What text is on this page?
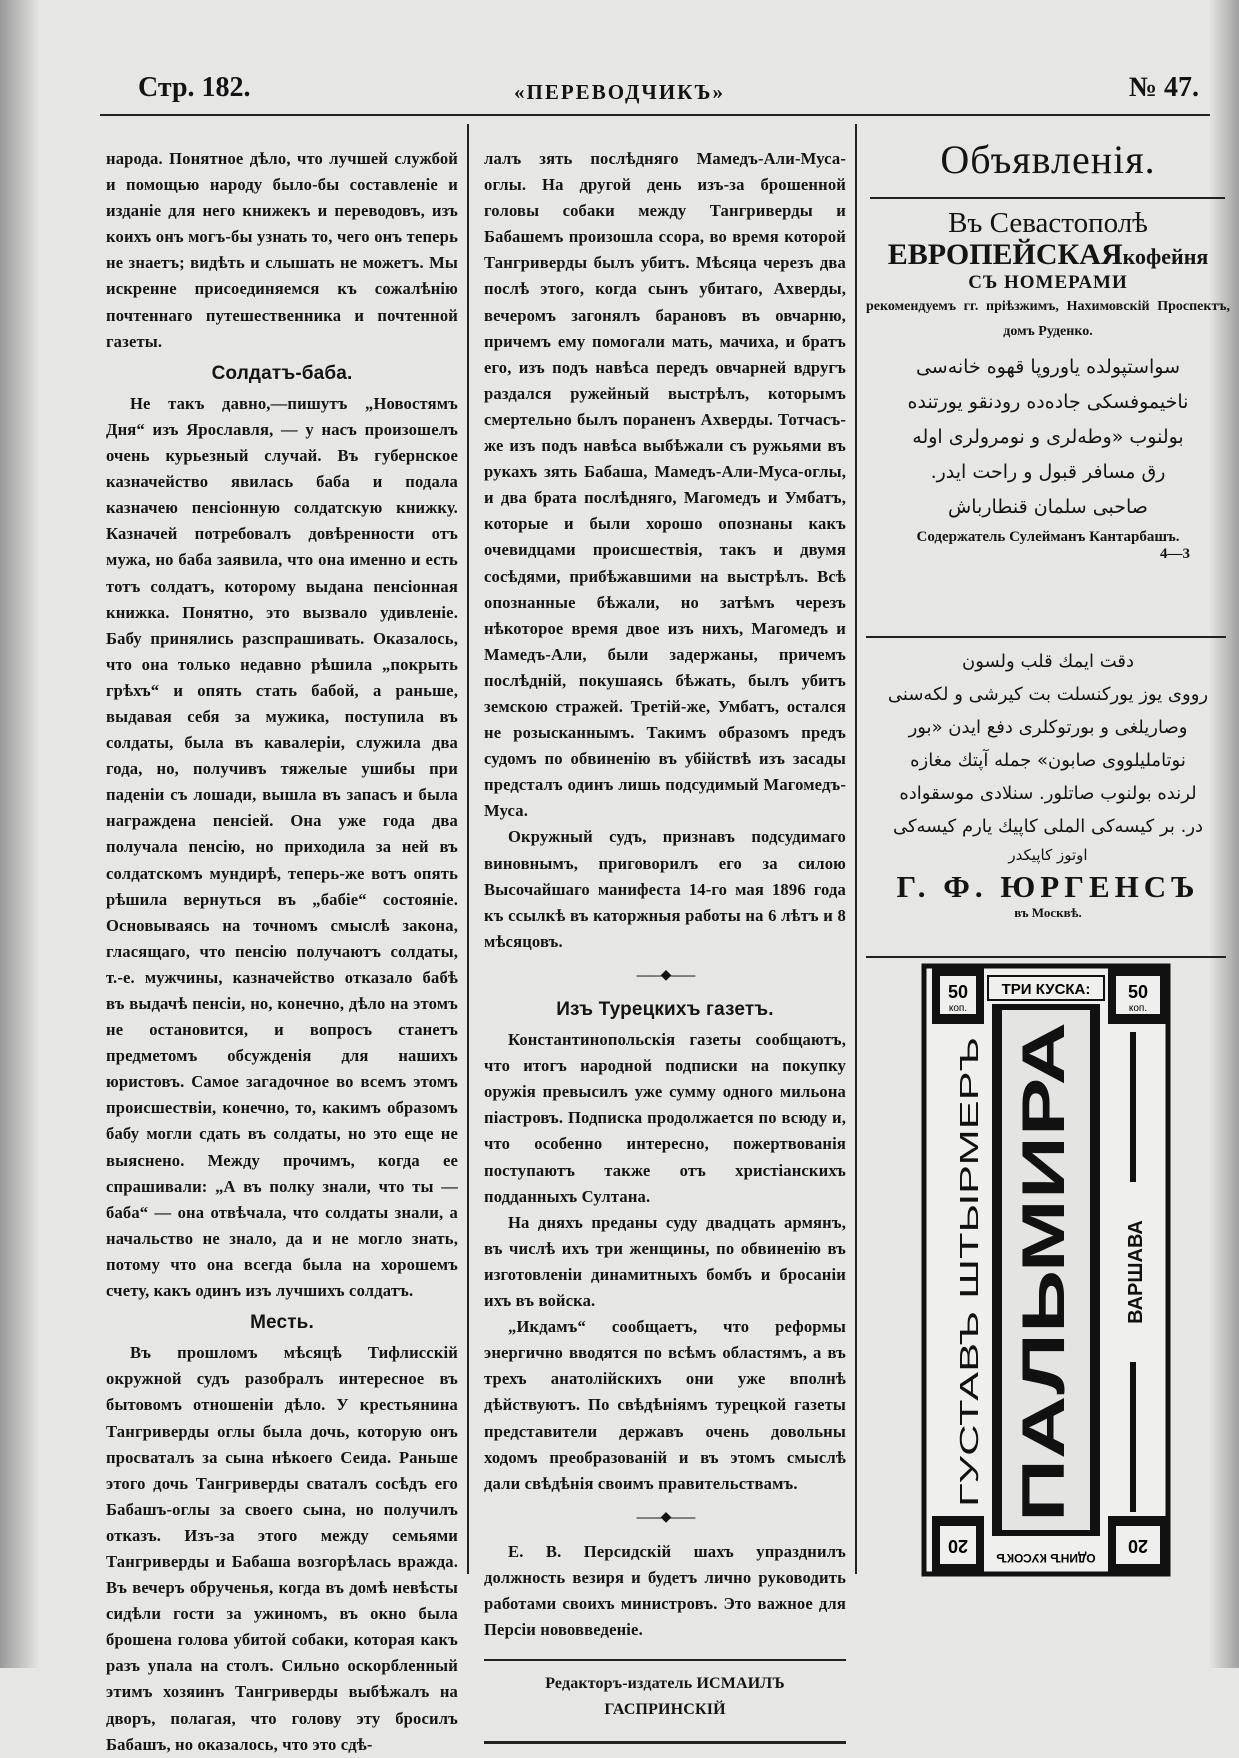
Стр. 182.	«ПЕРЕВОДЧИКЪ»	№ 47.

народа. Понятное дѣло, что лучшей службой и помощью народу было-бы составленіе и изданіе для него книжекъ и переводовъ, изъ коихъ онъ могъ-бы узнать то, чего онъ теперь не знаетъ; видѣть и слышать не можетъ. Мы искренне присоединяемся къ сожалѣнію почтеннаго путешественника и почтенной газеты.

Солдатъ-баба.

Не такъ давно,—пишутъ „Новостямъ Дня“ изъ Ярославля, — у насъ произошелъ очень курьезный случай. Въ губернское казначейство явилась баба и подала казначею пенсіонную солдатскую книжку. Казначей потребовалъ довѣренности отъ мужа, но баба заявила, что она именно и есть тотъ солдатъ, которому выдана пенсіонная книжка. Понятно, это вызвало удивленіе. Бабу принялись разспрашивать. Оказалось, что она только недавно рѣшила „покрыть грѣхъ“ и опять стать бабой, а раньше, выдавая себя за мужика, поступила въ солдаты, была въ кавалеріи, служила два года, но, получивъ тяжелые ушибы при паденіи съ лошади, вышла въ запасъ и была награждена пенсіей. Она уже года два получала пенсію, но приходила за ней въ солдатскомъ мундирѣ, теперь-же вотъ опять рѣшила вернуться въ „бабіе“ состояніе. Основываясь на точномъ смыслѣ закона, гласящаго, что пенсію получаютъ солдаты, т.-е. мужчины, казначейство отказало бабѣ въ выдачѣ пенсіи, но, конечно, дѣло на этомъ не остановится, и вопросъ станетъ предметомъ обсужденія для нашихъ юристовъ. Самое загадочное во всемъ этомъ происшествіи, конечно, то, какимъ образомъ бабу могли сдать въ солдаты, но это еще не выяснено. Между прочимъ, когда ее спрашивали: „А въ полку знали, что ты — баба“ — она отвѣчала, что солдаты знали, а начальство не знало, да и не могло знать, потому что она всегда была на хорошемъ счету, какъ одинъ изъ лучшихъ солдатъ.

Месть.

Въ прошломъ мѣсяцѣ Тифлисскій окружной судъ разобралъ интересное въ бытовомъ отношеніи дѣло. У крестьянина Тангриверды оглы была дочь, которую онъ просваталъ за сына нѣкоего Сеида. Раньше этого дочь Тангриверды сваталъ сосѣдъ его Бабашъ-оглы за своего сына, но получилъ отказъ. Изъ-за этого между семьями Тангриверды и Бабаша возгорѣлась вражда. Въ вечеръ обрученья, когда въ домѣ невѣсты сидѣли гости за ужиномъ, въ окно была брошена голова убитой собаки, которая какъ разъ упала на столъ. Сильно оскорбленный этимъ хозяинъ Тангриверды выбѣжалъ на дворъ, полагая, что голову эту бросилъ Бабашъ, но оказалось, что это сдѣ-

лалъ зять послѣдняго Мамедъ-Али-Муса-оглы. На другой день изъ-за брошенной головы собаки между Тангриверды и Бабашемъ произошла ссора, во время которой Тангриверды былъ убитъ. Мѣсяца черезъ два послѣ этого, когда сынъ убитаго, Ахверды, вечеромъ загонялъ барановъ въ овчарню, причемъ ему помогали мать, мачиха, и братъ его, изъ подъ навѣса передъ овчарней вдругъ раздался ружейный выстрѣлъ, которымъ смертельно былъ пораненъ Ахверды. Тотчасъ-же изъ подъ навѣса выбѣжали съ ружьями въ рукахъ зять Бабаша, Мамедъ-Али-Муса-оглы, и два брата послѣдняго, Магомедъ и Умбатъ, которые и были хорошо опознаны какъ очевидцами происшествія, такъ и двумя сосѣдями, прибѣжавшими на выстрѣлъ. Всѣ опознанные бѣжали, но затѣмъ черезъ нѣкоторое время двое изъ нихъ, Магомедъ и Мамедъ-Али, были задержаны, причемъ послѣдній, покушаясь бѣжать, былъ убитъ земскою стражей. Третій-же, Умбатъ, остался не розысканнымъ. Такимъ образомъ предъ судомъ по обвиненію въ убійствѣ изъ засады предсталъ одинъ лишь подсудимый Магомедъ-Муса.

Окружный судъ, признавъ подсудимаго виновнымъ, приговорилъ его за силою Высочайшаго манифеста 14-го мая 1896 года къ ссылкѣ въ каторжныя работы на 6 лѣтъ и 8 мѣсяцовъ.

——◆——
Изъ Турецкихъ газетъ.

Константинопольскія газеты сообщаютъ, что итогъ народной подписки на покупку оружія превысилъ уже сумму одного мильона піастровъ. Подписка продолжается по всюду и, что особенно интересно, пожертвованія поступаютъ также отъ христіанскихъ подданныхъ Султана.

На дняхъ преданы суду двадцать армянъ, въ числѣ ихъ три женщины, по обвиненію въ изготовленіи динамитныхъ бомбъ и бросаніи ихъ въ войска.

„Икдамъ“ сообщаетъ, что реформы энергично вводятся по всѣмъ областямъ, а въ трехъ анатолійскихъ они уже вполнѣ дѣйствуютъ. По свѣдѣніямъ турецкой газеты представители державъ очень довольны ходомъ преобразованій и въ этомъ смыслѣ дали свѣдѣнія своимъ правительствамъ.

——◆——

Е. В. Персидскій шахъ упразднилъ должность везиря и будетъ лично руководить работами своихъ министровъ. Это важное для Персіи нововведеніе.

Редакторъ-издатель ИСМАИЛЪ ГАСПРИНСКІЙ
Объявленія.
Въ Севастополѣ
ЕВРОПЕЙСКАЯкофейня
СЪ НОМЕРАМИ
рекомендуемъ гг. пріѣзжимъ, Нахимовскій Проспектъ, домъ Руденко.
سواستپولده یاوروپا قهوه خانه‌سی
ناخیموفسکی جاده‌ده رودنقو یورتنده
بولنوب «وطه‌لری و نومرولری اوله‌
رق مسافر قبول و راحت ایدر.
صاحبی سلمان قنطارباش
Содержатель Сулейманъ Кантарбашъ.
4—3
دقت ایمك قلب ولسون
رووی یوز یورکنسلت بت کیرشی و لکه‌سنی
وصاریلغی و بورتوکلری دفع ایدن «بور
نوتاملیلووی صابون» جمله آپتك مغازه
لرنده بولنوب صاتلور. سنلادی موسقواده
در. بر کیسه‌کی الملی کاپیك یارم کیسه‌کی
اوتوز کاپیکدر
Г. Ф. ЮРГЕНСЪ
въ Москвѣ.
50
коп.
50
коп.
ТРИ КУСКА:
ПАЛЬМИРА
ГУСТАВЪ ШТЫРМЕРЪ	ВАРШАВА
ОДИНЪ КУСОКЪ
20	20
